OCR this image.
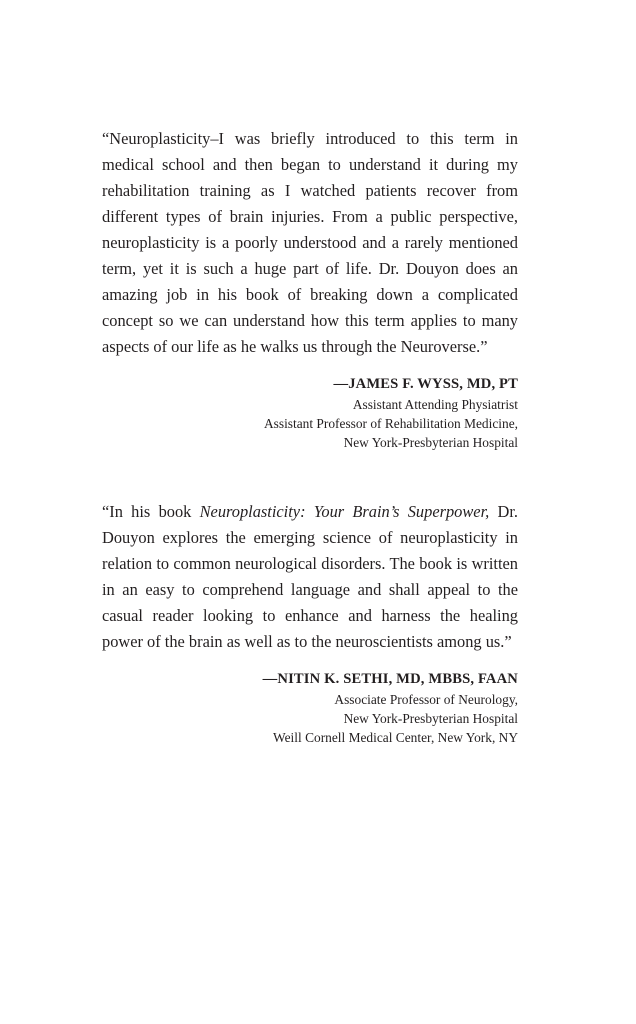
“Neuroplasticity–I was briefly introduced to this term in medical school and then began to understand it during my rehabilitation training as I watched patients recover from different types of brain injuries. From a public perspective, neuroplasticity is a poorly understood and a rarely mentioned term, yet it is such a huge part of life. Dr. Douyon does an amazing job in his book of breaking down a complicated concept so we can understand how this term applies to many aspects of our life as he walks us through the Neuroverse.”

—JAMES F. WYSS, MD, PT
Assistant Attending Physiatrist
Assistant Professor of Rehabilitation Medicine,
New York-Presbyterian Hospital

“In his book Neuroplasticity: Your Brain’s Superpower, Dr. Douyon explores the emerging science of neuroplasticity in relation to common neurological disorders. The book is written in an easy to comprehend language and shall appeal to the casual reader looking to enhance and harness the healing power of the brain as well as to the neuroscientists among us.”

—NITIN K. SETHI, MD, MBBS, FAAN
Associate Professor of Neurology,
New York-Presbyterian Hospital
Weill Cornell Medical Center, New York, NY
